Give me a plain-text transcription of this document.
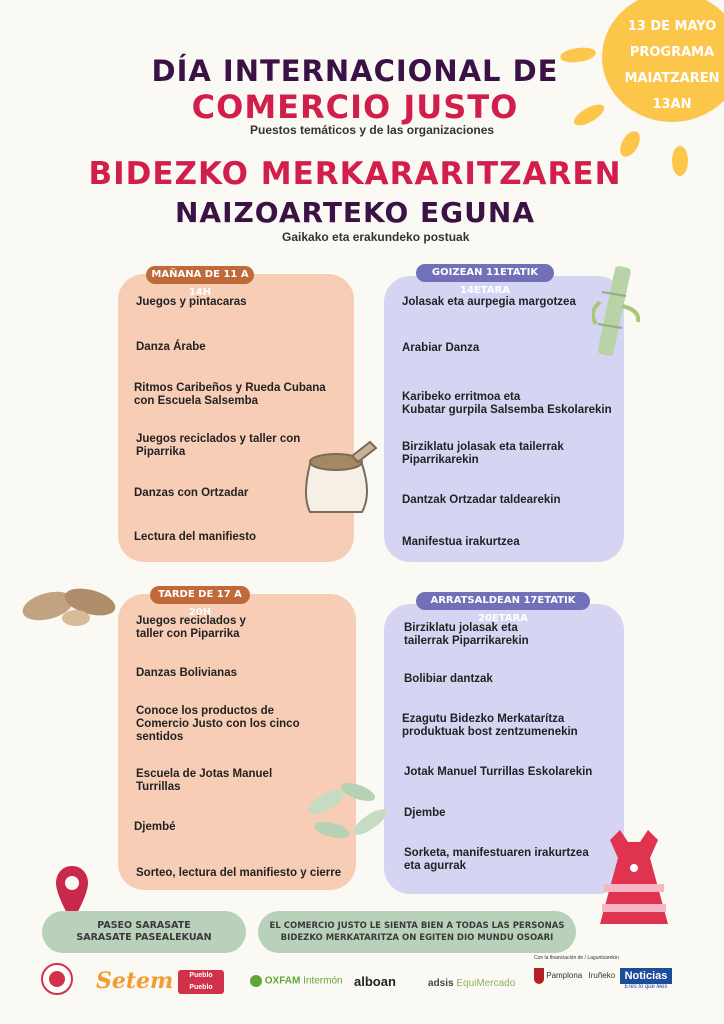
13 DE MAYO
PROGRAMA
MAIATZAREN
13AN
DÍA INTERNACIONAL DE
COMERCIO JUSTO
Puestos temáticos y de las organizaciones
BIDEZKO MERKARARITZAREN
NAIZOARTEKO EGUNA
Gaikako eta erakundeko postuak
MAÑANA DE 11 A 14H
Juegos y pintacaras
Danza Árabe
Ritmos Caribeños y Rueda Cubana
con Escuela Salsemba
Juegos reciclados y taller con
Piparrika
Danzas con Ortzadar
Lectura del manifiesto
GOIZEAN 11ETATIK 14ETARA
Jolasak eta aurpegia margotzea
Arabiar Danza
Karibeko erritmoa eta
Kubatar gurpila Salsemba Eskolarekin
Birziklatu jolasak eta tailerrak
Piparrikarekin
Dantzak Ortzadar taldearekin
Manifestua irakurtzea
TARDE DE 17 A 20H
Juegos reciclados y
taller con Piparrika
Danzas Bolivianas
Conoce los productos de
Comercio Justo con los cinco
sentidos
Escuela de Jotas Manuel
Turrillas
Djembé
Sorteo, lectura del manifiesto y cierre
ARRATSALDEAN 17ETATIK 20ETARA
Birziklatu jolasak eta
tailerrak Piparrikarekin
Bolibiar dantzak
Ezagutu Bidezko Merkatarítza
produktuak bost zentzumenekin
Jotak Manuel Turrillas Eskolarekin
Djembe
Sorketa, manifestuaren irakurtzea
eta agurrak
PASEO SARASATE
SARASATE PASEALEKUAN
EL COMERCIO JUSTO LE SIENTA BIEN A TODAS LAS PERSONAS
BIDEZKO MERKATARITZA ON EGITEN DIO MUNDU OSOARI
Setem	Pueblo Pueblo
OXFAM Intermón alboan	adsis EquiMercado
Con la financiación de / Laguntzarekin
Pamplona Iruñeko Noticias
Eres lo que lees
